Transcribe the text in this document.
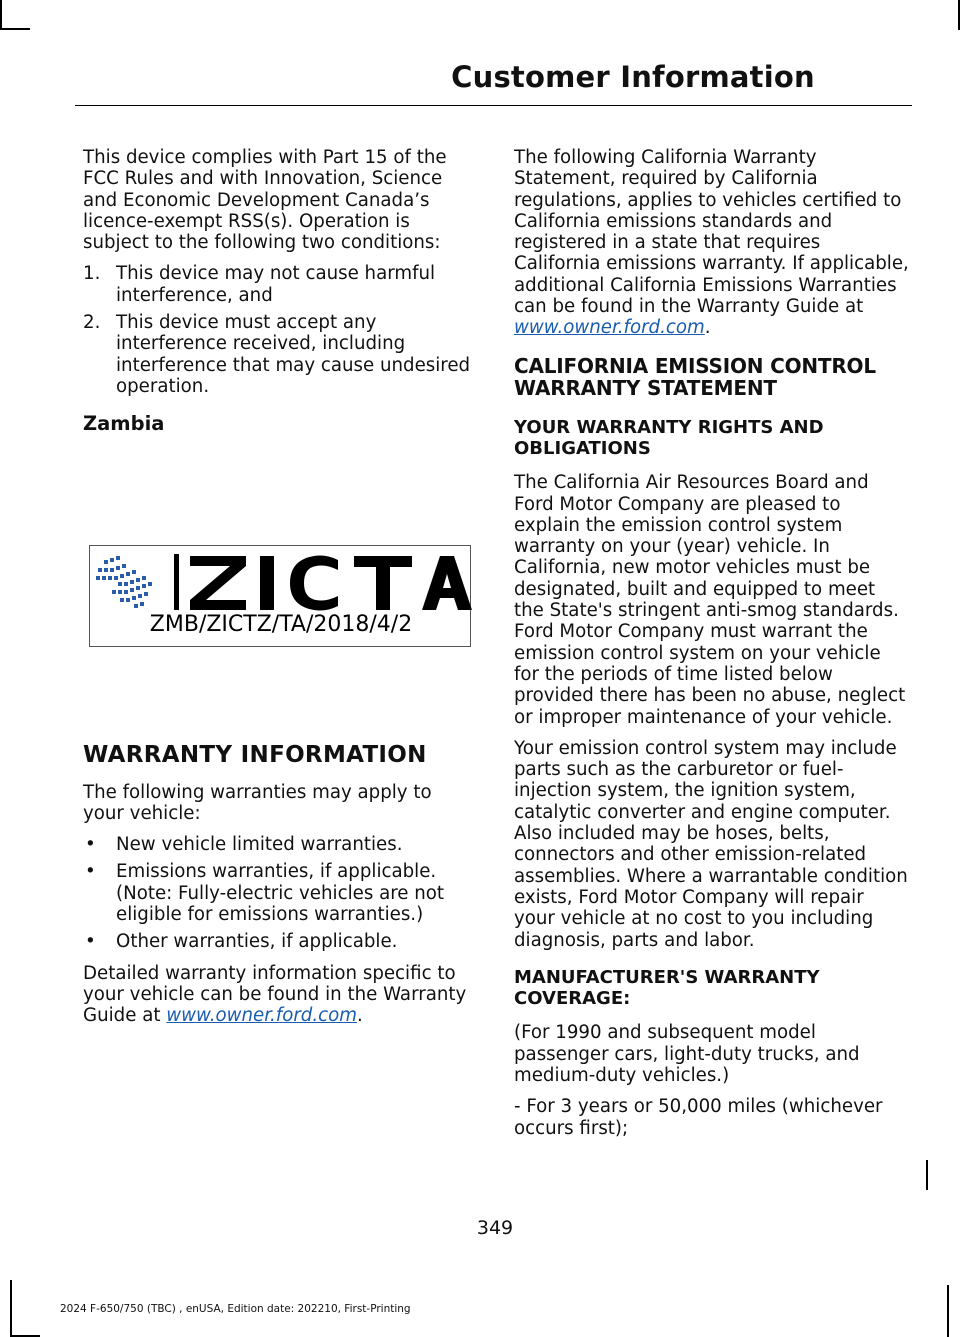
Customer Information

This device complies with Part 15 of the FCC Rules and with Innovation, Science and Economic Development Canada’s licence-exempt RSS(s). Operation is subject to the following two conditions:

1. This device may not cause harmful interference, and
2. This device must accept any interference received, including interference that may cause undesired operation.
Zambia
ZMB/ZICTZ/TA/2018/4/2
WARRANTY INFORMATION

The following warranties may apply to your vehicle:

• New vehicle limited warranties.
• Emissions warranties, if applicable. (Note: Fully-electric vehicles are not eligible for emissions warranties.)
• Other warranties, if applicable.

Detailed warranty information specific to your vehicle can be found in the Warranty Guide at www.owner.ford.com.

The following California Warranty Statement, required by California regulations, applies to vehicles certified to California emissions standards and registered in a state that requires California emissions warranty. If applicable, additional California Emissions Warranties can be found in the Warranty Guide at www.owner.ford.com.

CALIFORNIA EMISSION CONTROL WARRANTY STATEMENT
YOUR WARRANTY RIGHTS AND OBLIGATIONS

The California Air Resources Board and Ford Motor Company are pleased to explain the emission control system warranty on your (year) vehicle. In California, new motor vehicles must be designated, built and equipped to meet the State's stringent anti-smog standards. Ford Motor Company must warrant the emission control system on your vehicle for the periods of time listed below provided there has been no abuse, neglect or improper maintenance of your vehicle.

Your emission control system may include parts such as the carburetor or fuel-injection system, the ignition system, catalytic converter and engine computer. Also included may be hoses, belts, connectors and other emission-related assemblies. Where a warrantable condition exists, Ford Motor Company will repair your vehicle at no cost to you including diagnosis, parts and labor.

MANUFACTURER'S WARRANTY COVERAGE:

(For 1990 and subsequent model passenger cars, light-duty trucks, and medium-duty vehicles.)

- For 3 years or 50,000 miles (whichever occurs first);

349
2024 F-650/750 (TBC) , enUSA, Edition date: 202210, First-Printing
